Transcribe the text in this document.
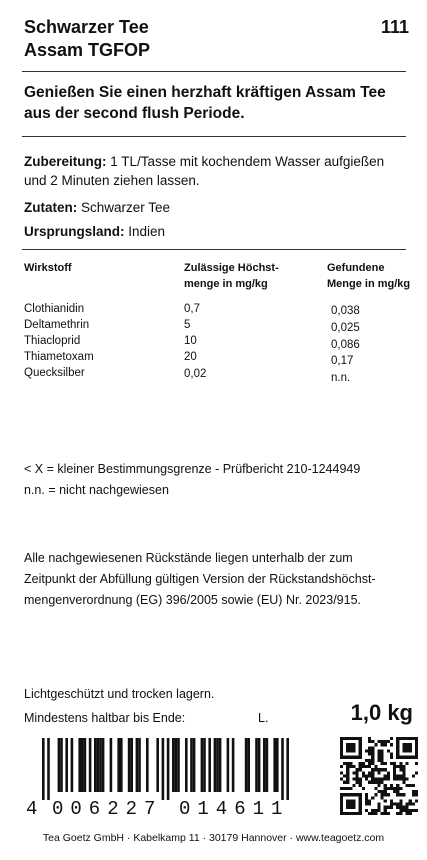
Schwarzer Tee
Assam TGFOP
111
Genießen Sie einen herzhaft kräftigen Assam Tee
aus der second flush Periode.
Zubereitung: 1 TL/Tasse mit kochendem Wasser aufgießen
und 2 Minuten ziehen lassen.
Zutaten: Schwarzer Tee
Ursprungsland: Indien
Wirkstoff	Zulässige Höchst-
menge in mg/kg
Gefundene
Menge in mg/kg
Clothianidin	0,7	0,038
Deltamethrin	5	0,025
Thiacloprid	10	0,086
Thiametoxam	20	0,17
Quecksilber	0,02	n.n.
< X = kleiner Bestimmungsgrenze - Prüfbericht 210-1244949
n.n. = nicht nachgewiesen
Alle nachgewiesenen Rückstände liegen unterhalb der zum
Zeitpunkt der Abfüllung gültigen Version der Rückstandshöchst-
mengenverordnung (EG) 396/2005 sowie (EU) Nr. 2023/915.
Lichtgeschützt und trocken lagern.
Mindestens haltbar bis Ende:	L.	1,0 kg
4 006227 014611
Tea Goetz GmbH · Kabelkamp 11 · 30179 Hannover · www.teagoetz.com
